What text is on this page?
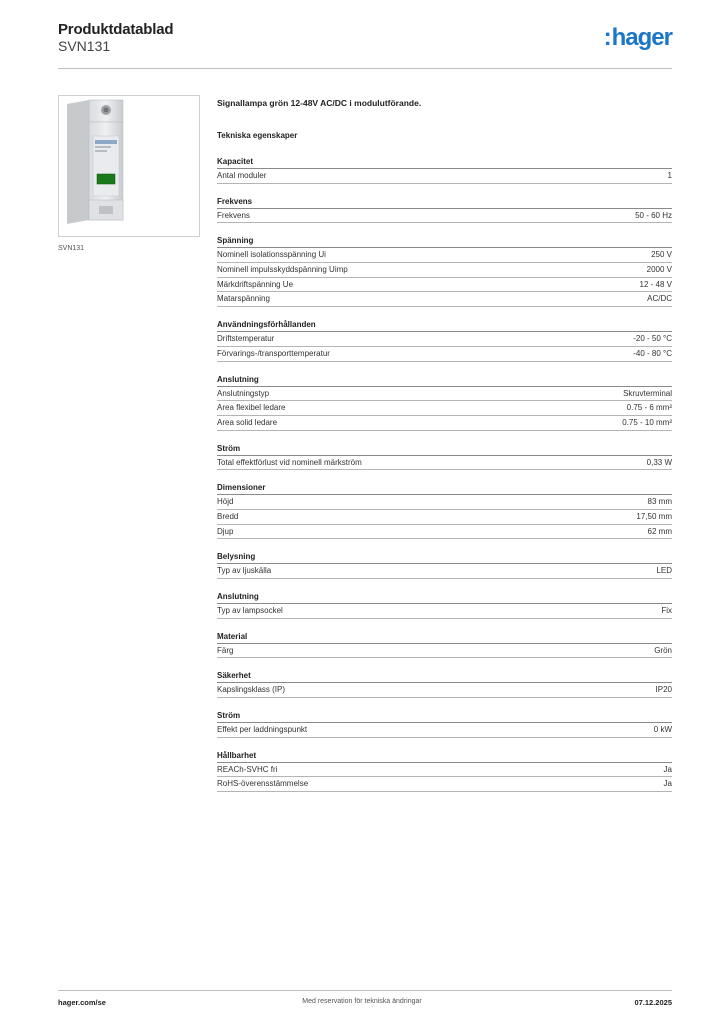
Produktdatablad
SVN131	:hager
SVN131
Signallampa grön 12-48V AC/DC i modulutförande.
Tekniska egenskaper
Kapacitet
Antal moduler	1
Frekvens
Frekvens	50 - 60 Hz
Spänning
Nominell isolationsspänning Ui	250 V
Nominell impulsskyddspänning Uimp	2000 V
Märkdriftspänning Ue	12 - 48 V
Matarspänning	AC/DC
Användningsförhållanden
Driftstemperatur	-20 - 50 °C
Förvarings-/transporttemperatur	-40 - 80 °C
Anslutning
Anslutningstyp	Skruvterminal
Area flexibel ledare	0.75 - 6 mm²
Area solid ledare	0.75 - 10 mm²
Ström
Total effektförlust vid nominell märkström	0,33 W
Dimensioner
Höjd	83 mm
Bredd	17,50 mm
Djup	62 mm
Belysning
Typ av ljuskälla	LED
Anslutning
Typ av lampsockel	Fix
Material
Färg	Grön
Säkerhet
Kapslingsklass (IP)	IP20
Ström
Effekt per laddningspunkt	0 kW
Hållbarhet
REACh-SVHC fri	Ja
RoHS-överensstämmelse	Ja
hager.com/se	Med reservation för tekniska ändringar	07.12.2025
